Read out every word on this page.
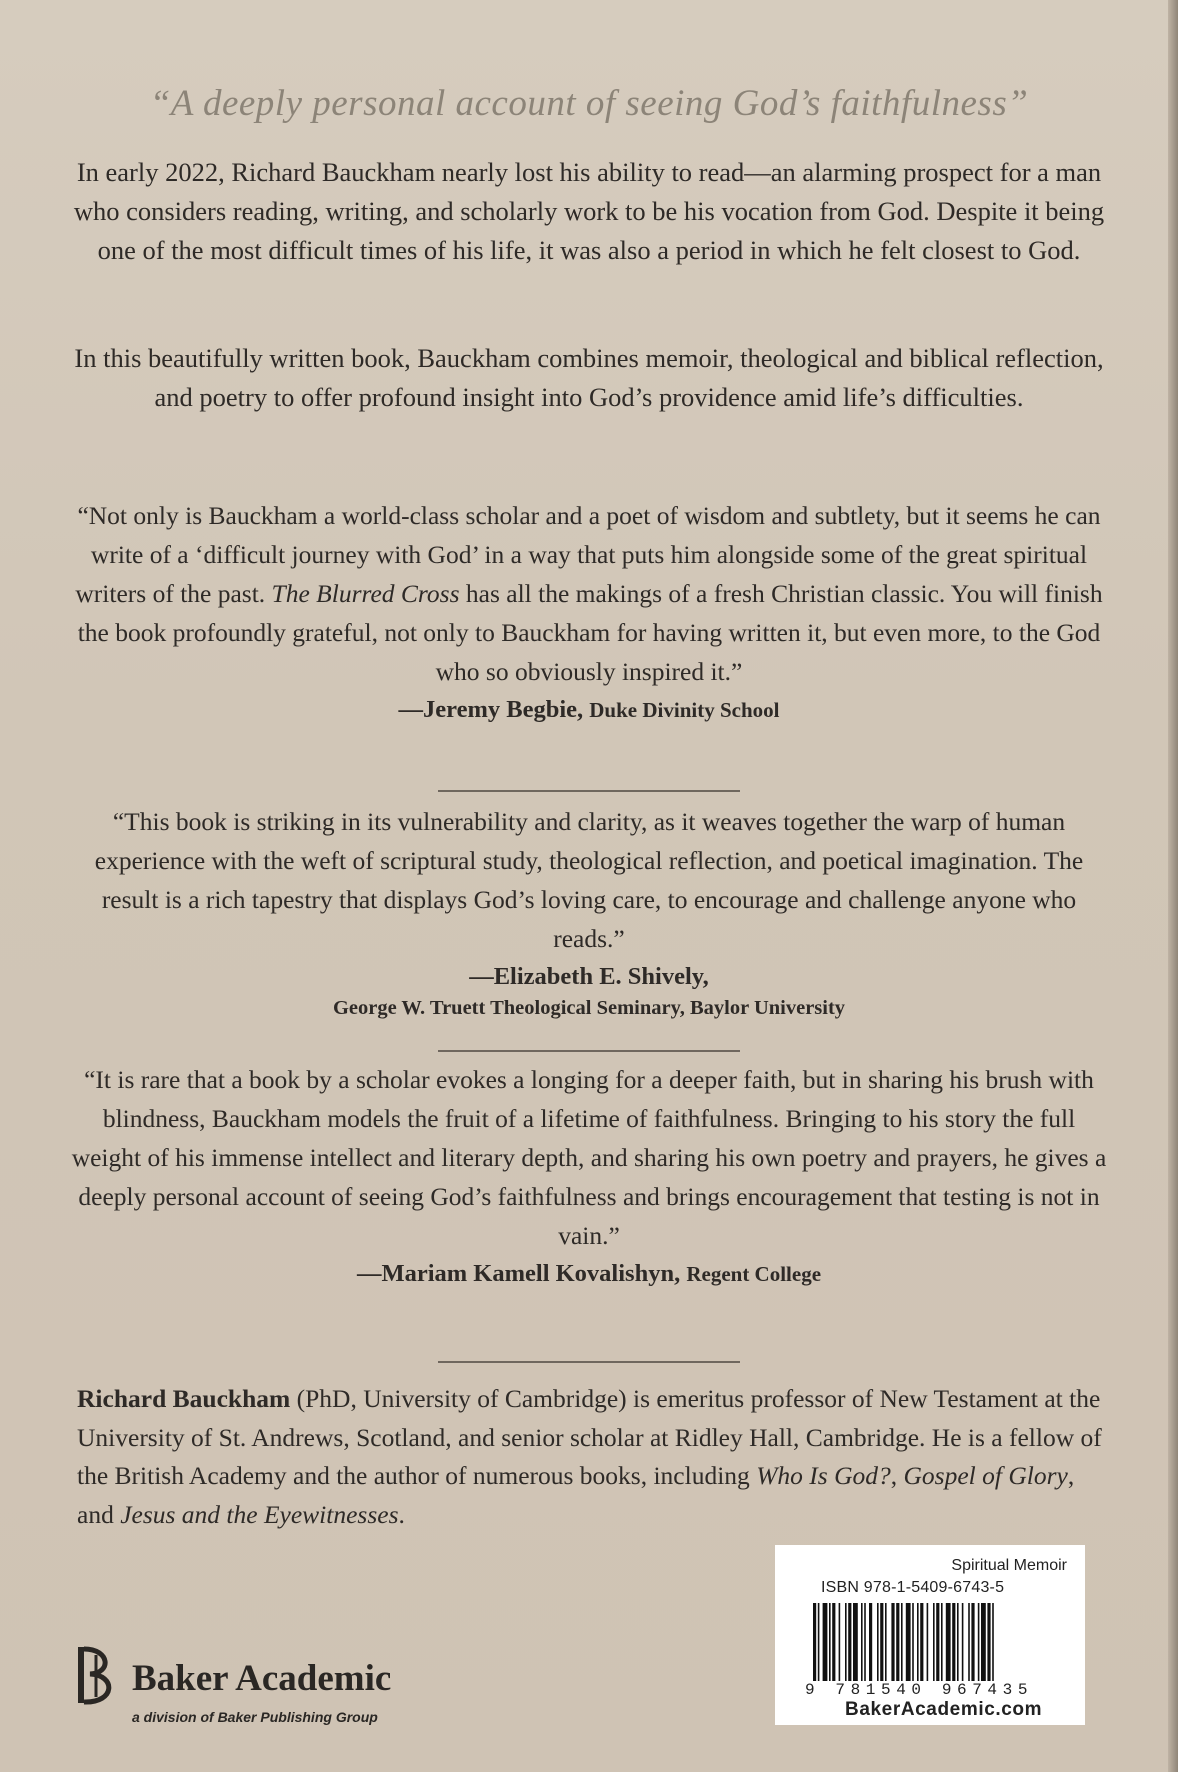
“A deeply personal account of seeing God’s faithfulness”

In early 2022, Richard Bauckham nearly lost his ability to read—an alarming prospect for a man who considers reading, writing, and scholarly work to be his vocation from God. Despite it being one of the most difficult times of his life, it was also a period in which he felt closest to God.

In this beautifully written book, Bauckham combines memoir, theological and biblical reflection, and poetry to offer profound insight into God’s providence amid life’s difficulties.

“Not only is Bauckham a world-class scholar and a poet of wisdom and subtlety, but it seems he can write of a ‘difficult journey with God’ in a way that puts him alongside some of the great spiritual writers of the past. The Blurred Cross has all the makings of a fresh Christian classic. You will finish the book profoundly grateful, not only to Bauckham for having written it, but even more, to the God who so obviously inspired it.”

—Jeremy Begbie, Duke Divinity School

“This book is striking in its vulnerability and clarity, as it weaves together the warp of human experience with the weft of scriptural study, theological reflection, and poetical imagination. The result is a rich tapestry that displays God’s loving care, to encourage and challenge anyone who reads.”

—Elizabeth E. Shively,
George W. Truett Theological Seminary, Baylor University

“It is rare that a book by a scholar evokes a longing for a deeper faith, but in sharing his brush with blindness, Bauckham models the fruit of a lifetime of faithfulness. Bringing to his story the full weight of his immense intellect and literary depth, and sharing his own poetry and prayers, he gives a deeply personal account of seeing God’s faithfulness and brings encouragement that testing is not in vain.”

—Mariam Kamell Kovalishyn, Regent College

Richard Bauckham (PhD, University of Cambridge) is emeritus professor of New Testament at the University of St. Andrews, Scotland, and senior scholar at Ridley Hall, Cambridge. He is a fellow of the British Academy and the author of numerous books, including Who Is God?, Gospel of Glory, and Jesus and the Eyewitnesses.

Baker Academic
a division of Baker Publishing Group
Spiritual Memoir
ISBN 978-1-5409-6743-5
9 781540 967435
BakerAcademic.com
